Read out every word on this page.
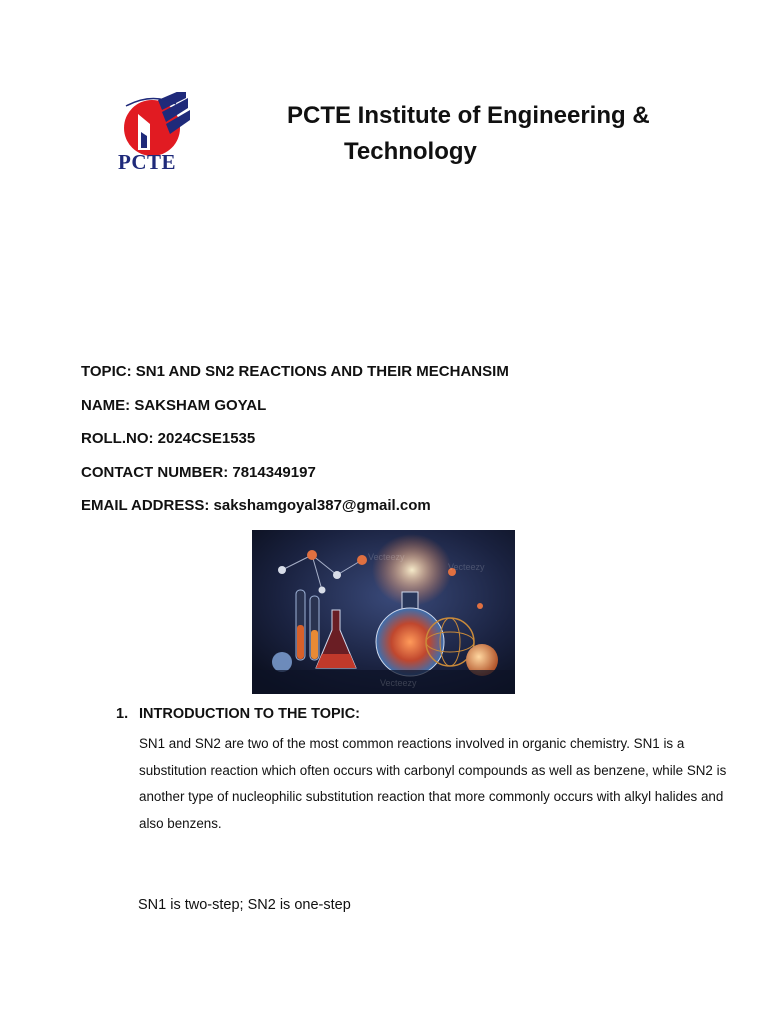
PCTE
PCTE Institute of Engineering &
Technology
TOPIC: SN1 AND SN2 REACTIONS AND THEIR MECHANSIM
NAME: SAKSHAM GOYAL
ROLL.NO: 2024CSE1535
CONTACT NUMBER: 7814349197
EMAIL ADDRESS: sakshamgoyal387@gmail.com
Vecteezy
Vecteezy
Vecteezy
1. INTRODUCTION TO THE TOPIC:
SN1 and SN2 are two of the most common reactions involved in organic chemistry. SN1 is a substitution reaction which often occurs with carbonyl compounds as well as benzene, while SN2 is another type of nucleophilic substitution reaction that more commonly occurs with alkyl halides and also benzens.
SN1 is two-step; SN2 is one-step
